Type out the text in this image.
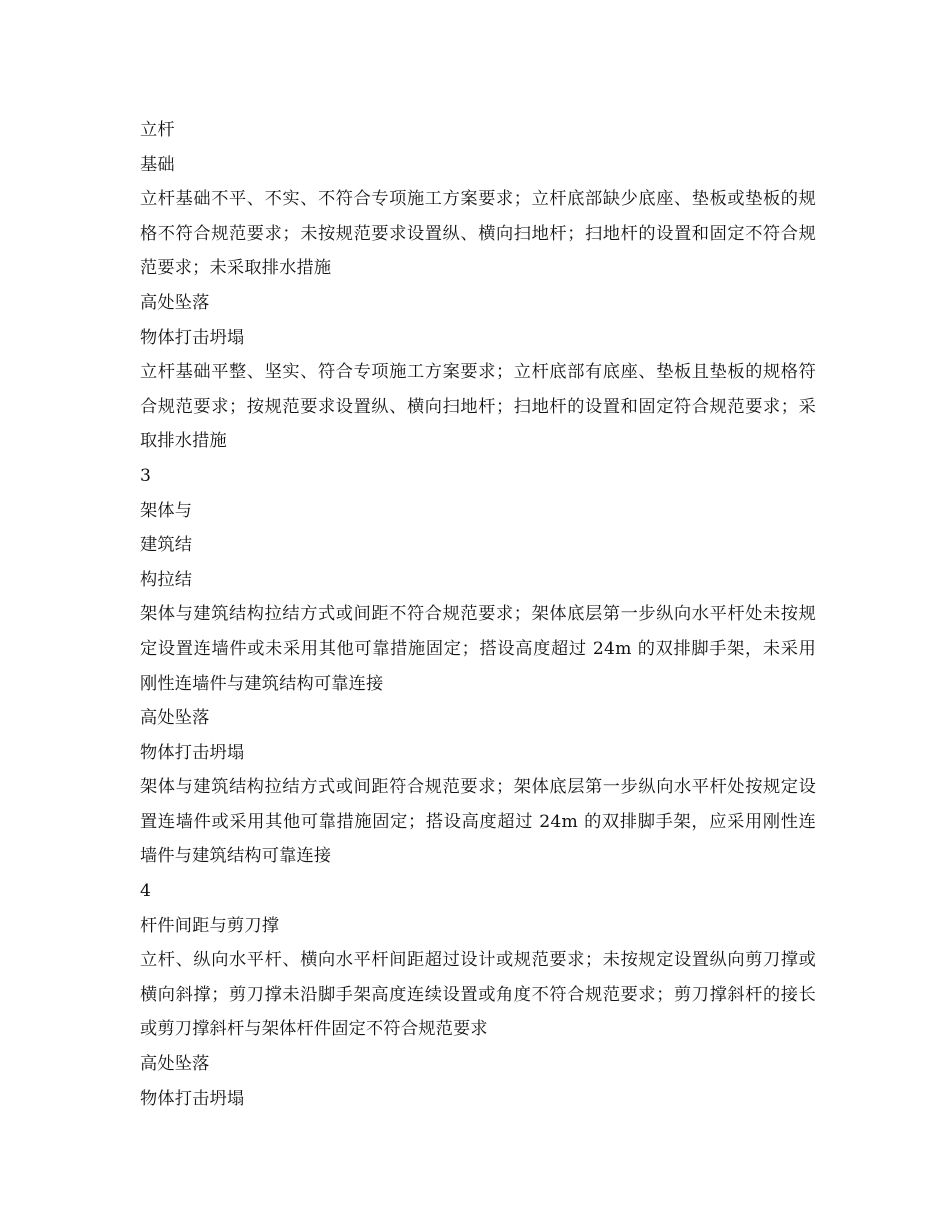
立杆

基础

立杆基础不平、不实、不符合专项施工方案要求；立杆底部缺少底座、垫板或垫板的规格不符合规范要求；未按规范要求设置纵、横向扫地杆；扫地杆的设置和固定不符合规范要求；未采取排水措施

高处坠落

物体打击坍塌

立杆基础平整、坚实、符合专项施工方案要求；立杆底部有底座、垫板且垫板的规格符合规范要求；按规范要求设置纵、横向扫地杆；扫地杆的设置和固定符合规范要求；采取排水措施

3

架体与

建筑结

构拉结

架体与建筑结构拉结方式或间距不符合规范要求；架体底层第一步纵向水平杆处未按规定设置连墙件或未采用其他可靠措施固定；搭设高度超过 24m 的双排脚手架，未采用刚性连墙件与建筑结构可靠连接

高处坠落

物体打击坍塌

架体与建筑结构拉结方式或间距符合规范要求；架体底层第一步纵向水平杆处按规定设置连墙件或采用其他可靠措施固定；搭设高度超过 24m 的双排脚手架，应采用刚性连墙件与建筑结构可靠连接

4

杆件间距与剪刀撑

立杆、纵向水平杆、横向水平杆间距超过设计或规范要求；未按规定设置纵向剪刀撑或横向斜撑；剪刀撑未沿脚手架高度连续设置或角度不符合规范要求；剪刀撑斜杆的接长或剪刀撑斜杆与架体杆件固定不符合规范要求

高处坠落

物体打击坍塌
